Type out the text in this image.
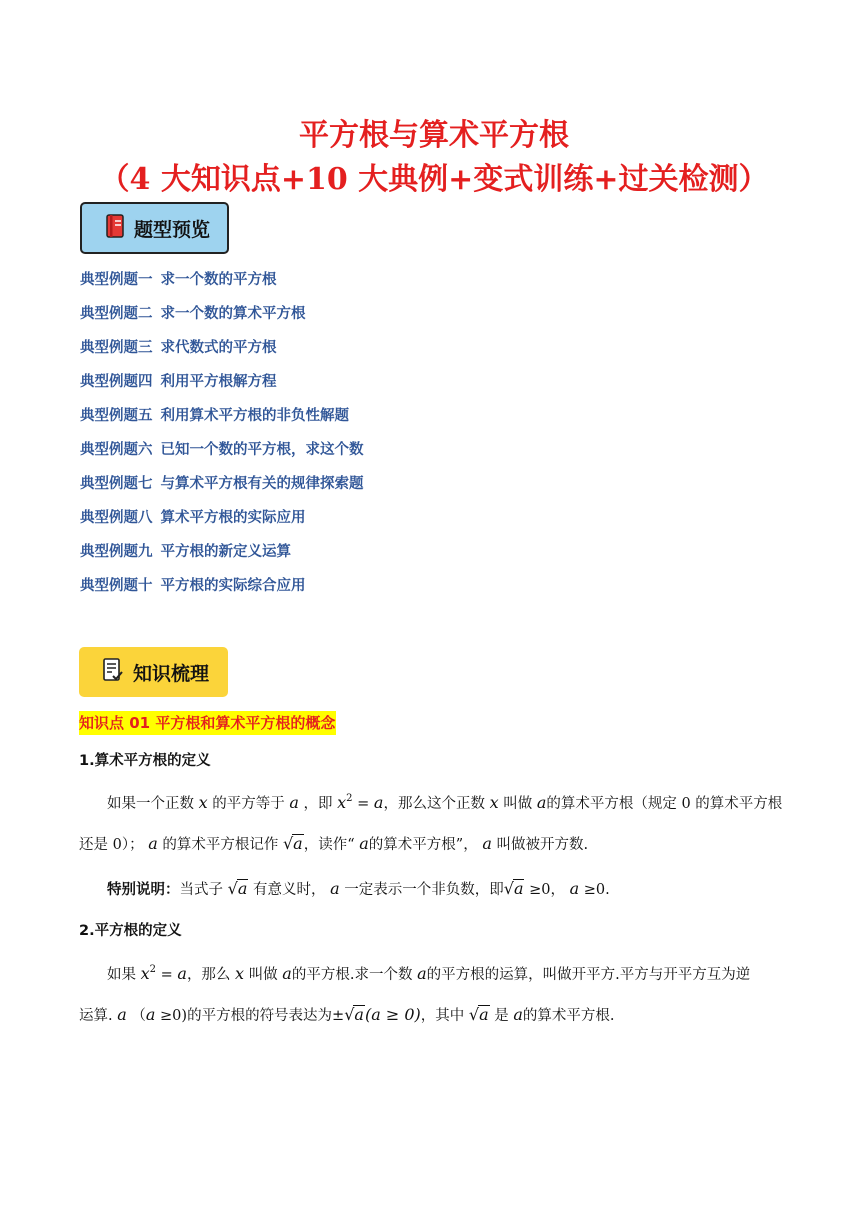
平方根与算术平方根
（4 大知识点+10 大典例+变式训练+过关检测）
题型预览
典型例题一 求一个数的平方根
典型例题二 求一个数的算术平方根
典型例题三 求代数式的平方根
典型例题四 利用平方根解方程
典型例题五 利用算术平方根的非负性解题
典型例题六 已知一个数的平方根，求这个数
典型例题七 与算术平方根有关的规律探索题
典型例题八 算术平方根的实际应用
典型例题九 平方根的新定义运算
典型例题十 平方根的实际综合应用
知识梳理
知识点 01 平方根和算术平方根的概念
1.算术平方根的定义
如果一个正数 x 的平方等于 a ，即 $x^2 = a$，那么这个正数 x 叫做 a的算术平方根（规定 0 的算术平方根
还是 0）； a 的算术平方根记作 √a，读作“ a的算术平方根”， a 叫做被开方数.
特别说明：当式子 √a 有意义时， a 一定表示一个非负数，即√a ≥0， a ≥0.
2.平方根的定义
如果 $x^2 = a$，那么 x 叫做 a的平方根.求一个数 a的平方根的运算，叫做开平方.平方与开平方互为逆
运算. a （a ≥0)的平方根的符号表达为±√a(a ≥ 0)，其中 √a 是 a的算术平方根.
